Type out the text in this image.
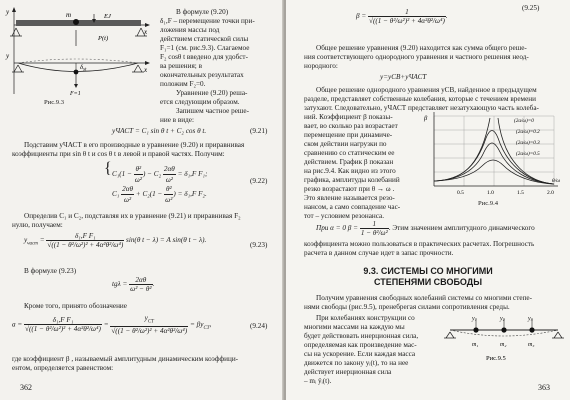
y	m	EJ
P(t)
x
y
$\delta_{st}$	x
F=1
Рис.9.3
В формуле (9.20)
δ₁,F – перемещение точки при-
ложения массы под
действием статической силы
F₁=1 (см. рис.9.3). Слагаемое
F₂ cosθ t введено для удобст-
ва решения; в
окончательных результатах
положим F₂=0.
Уравнение (9.20) реша-
ется следующим образом.
Запишем частное реше-
ние в виде:
yЧАСТ = C₁ sin θ t + C₂ cos θ t.	(9.21)
Подставим yЧАСТ в его производные в уравнение (9.20) и приравнивая
коэффициенты при sin θ t и cos θ t в левой и правой частях. Получим:
{ $C_1(1 - \frac{\text{θ²}}{\text{ω²}}$ ) − $C_2 \frac{2\alpha\theta}{\text{ω²}} = \delta_1,F$ F₁;
$C_1 \frac{2\alpha\theta}{\text{ω²}} + C_2(1 - \frac{\text{θ²}}{\text{ω²}}$ ) = δ₁,F F₂.
(9.22)
Определив C₁ и C₂, подставляя их в уравнение (9.21) и приравнивая F₂
нулю, получаем:
$y_{част} = \frac{\text{δ₁,F F₁}}{\text{√((1 − θ²/ω²)² + 4α²θ²/ω⁴)}} \sin(\theta$ t − λ) = A sin(θ t − λ).
(9.23)
В формуле (9.23)
$tg\lambda = \frac{2\alpha\theta}{\text{ω² − θ²}}$ .
Кроме того, принято обозначение
$a = \frac{\text{δ₁,F F₁}}{\text{√((1 − θ²/ω²)² + 4α²θ²/ω⁴)}} = \frac{y_{CT}}{\text{√((1 − θ²/ω²)² + 4α²θ²/ω⁴)}} = \beta y_{CT}$,	(9.24)
где коэффициент β , называемый амплитудным динамическим коэффици-
ентом, определяется равенством:
362
$\beta = \frac{1}{\text{√((1 − θ²/ω²)² + 4α²θ²/ω⁴)}}$ .
(9.25)
Общее решение уравнения (9.20) находится как сумма общего реше-
ния соответствующего однородного уравнения и частного решения неод-
нородного:
y=yCB+yЧАСТ
Общее решение однородного уравнения yCB, найденное в предыдущем
разделе, представляет собственные колебания, которые с течением времени
затухают. Следовательно, yЧАСТ представляет незатухающую часть колеба-
ний. Коэффициент β показы-
вает, во сколько раз возрастает
перемещение при динамиче-
ском действии нагрузки по
сравнению со статическим ее
действием. График β показан
на рис.9.4. Как видно из этого
графика, амплитуды колебаний
резко возрастают при θ → ω .
Это явление называется резо-
нансом, а само совпадение час-
тот – условием резонанса.
(2a/ω)=0
(2a/ω)=0.2
(2a/ω)=0.3
(2a/ω)=0.5
β
θ/ω
0.5	1.0	1.5	2.0
Рис.9.4
При α = 0 $\beta = \frac{1}{\text{1 − θ²/ω²}}$ . Этим значением амплитудного динамического
коэффициента можно пользоваться в практических расчетах. Погрешность
расчета в данном случае идет в запас прочности.
9.3. СИСТЕМЫ СО МНОГИМИ
СТЕПЕНЯМИ СВОБОДЫ
Получим уравнения свободных колебаний системы со многими степе-
нями свободы (рис.9.5), пренебрегая силами сопротивления среды.
При колебаниях конструкции со
многими массами на каждую мы
будет действовать инерционная сила,
определяемая как произведение мас-
сы на ускорение. Если каждая масса
движется по закону yᵢ(t), то на нее
действует инерционная сила
– mᵢ ÿᵢ(t).
y₁	y₂	y₃
m₁	m₂	m₃
Рис.9.5
363
